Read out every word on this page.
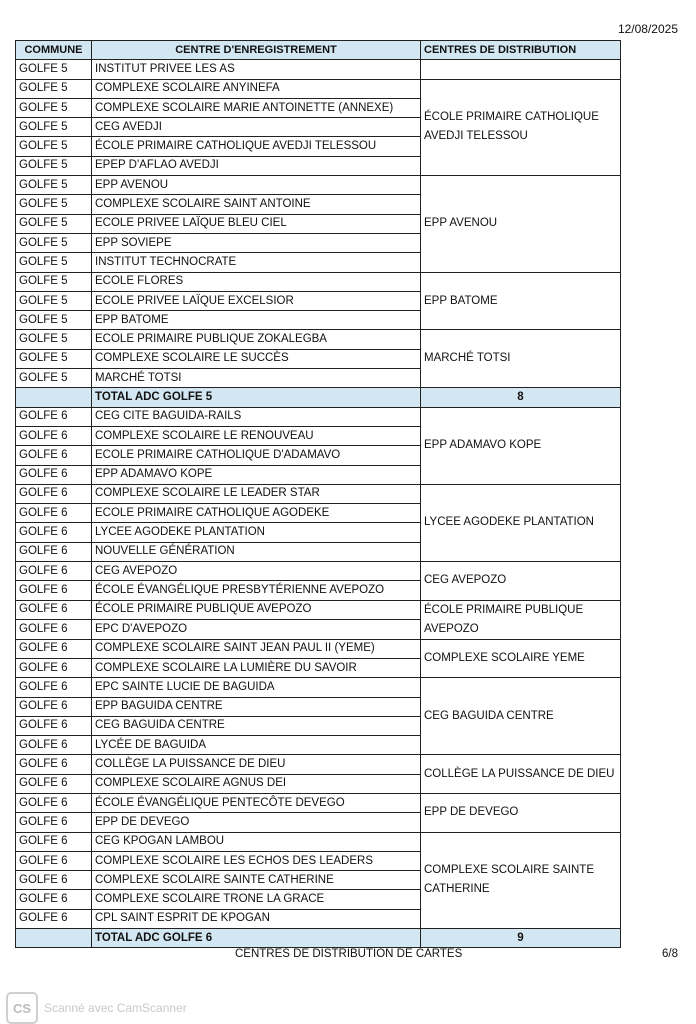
12/08/2025
COMMUNE	CENTRE D'ENREGISTREMENT	CENTRES DE DISTRIBUTION
GOLFE 5	INSTITUT PRIVEE LES AS	
GOLFE 5	COMPLEXE SCOLAIRE ANYINEFA	ÉCOLE PRIMAIRE CATHOLIQUE AVEDJI TELESSOU
GOLFE 5	COMPLEXE SCOLAIRE MARIE ANTOINETTE (ANNEXE)	
GOLFE 5	CEG AVEDJI	
GOLFE 5	ÉCOLE PRIMAIRE CATHOLIQUE AVEDJI TELESSOU	
GOLFE 5	EPEP D'AFLAO AVEDJI	
GOLFE 5	EPP AVENOU	EPP AVENOU
GOLFE 5	COMPLEXE SCOLAIRE SAINT ANTOINE	
GOLFE 5	ECOLE PRIVEE LAÏQUE BLEU CIEL	
GOLFE 5	EPP SOVIEPE	
GOLFE 5	INSTITUT TECHNOCRATE	
GOLFE 5	ECOLE FLORES	EPP BATOME
GOLFE 5	ECOLE PRIVEE LAÏQUE EXCELSIOR	
GOLFE 5	EPP BATOME	
GOLFE 5	ECOLE PRIMAIRE PUBLIQUE ZOKALEGBA	MARCHÉ TOTSI
GOLFE 5	COMPLEXE SCOLAIRE LE SUCCÈS	
GOLFE 5	MARCHÉ TOTSI	
	TOTAL ADC GOLFE 5	8
GOLFE 6	CEG CITE BAGUIDA-RAILS	EPP ADAMAVO KOPE
GOLFE 6	COMPLEXE SCOLAIRE LE RENOUVEAU	
GOLFE 6	ECOLE PRIMAIRE CATHOLIQUE D'ADAMAVO	
GOLFE 6	EPP ADAMAVO KOPE	
GOLFE 6	COMPLEXE SCOLAIRE LE LEADER STAR	LYCEE AGODEKE PLANTATION
GOLFE 6	ECOLE PRIMAIRE CATHOLIQUE AGODEKE	
GOLFE 6	LYCEE AGODEKE PLANTATION	
GOLFE 6	NOUVELLE GÉNÉRATION	
GOLFE 6	CEG AVEPOZO	CEG AVEPOZO
GOLFE 6	ÉCOLE ÉVANGÉLIQUE PRESBYTÉRIENNE AVEPOZO	
GOLFE 6	ÉCOLE PRIMAIRE PUBLIQUE AVEPOZO	ÉCOLE PRIMAIRE PUBLIQUE AVEPOZO
GOLFE 6	EPC D'AVEPOZO	
GOLFE 6	COMPLEXE SCOLAIRE SAINT JEAN PAUL II (YEME)	COMPLEXE SCOLAIRE YEME
GOLFE 6	COMPLEXE SCOLAIRE LA LUMIÈRE DU SAVOIR	
GOLFE 6	EPC SAINTE LUCIE DE BAGUIDA	CEG BAGUIDA CENTRE
GOLFE 6	EPP BAGUIDA CENTRE	
GOLFE 6	CEG BAGUIDA CENTRE	
GOLFE 6	LYCÉE DE BAGUIDA	
GOLFE 6	COLLÈGE LA PUISSANCE DE DIEU	COLLÈGE LA PUISSANCE DE DIEU
GOLFE 6	COMPLEXE SCOLAIRE AGNUS DEI	
GOLFE 6	ÉCOLE ÉVANGÉLIQUE PENTECÔTE DEVEGO	EPP DE DEVEGO
GOLFE 6	EPP DE DEVEGO	
GOLFE 6	CEG KPOGAN LAMBOU	COMPLEXE SCOLAIRE SAINTE CATHERINE
GOLFE 6	COMPLEXE SCOLAIRE LES ECHOS DES LEADERS	
GOLFE 6	COMPLEXE SCOLAIRE SAINTE CATHERINE	
GOLFE 6	COMPLEXE SCOLAIRE TRONE LA GRACE	
GOLFE 6	CPL SAINT ESPRIT DE KPOGAN	
	TOTAL ADC GOLFE 6	9
CENTRES DE DISTRIBUTION DE CARTES	6/8
CS	Scanné avec CamScanner
